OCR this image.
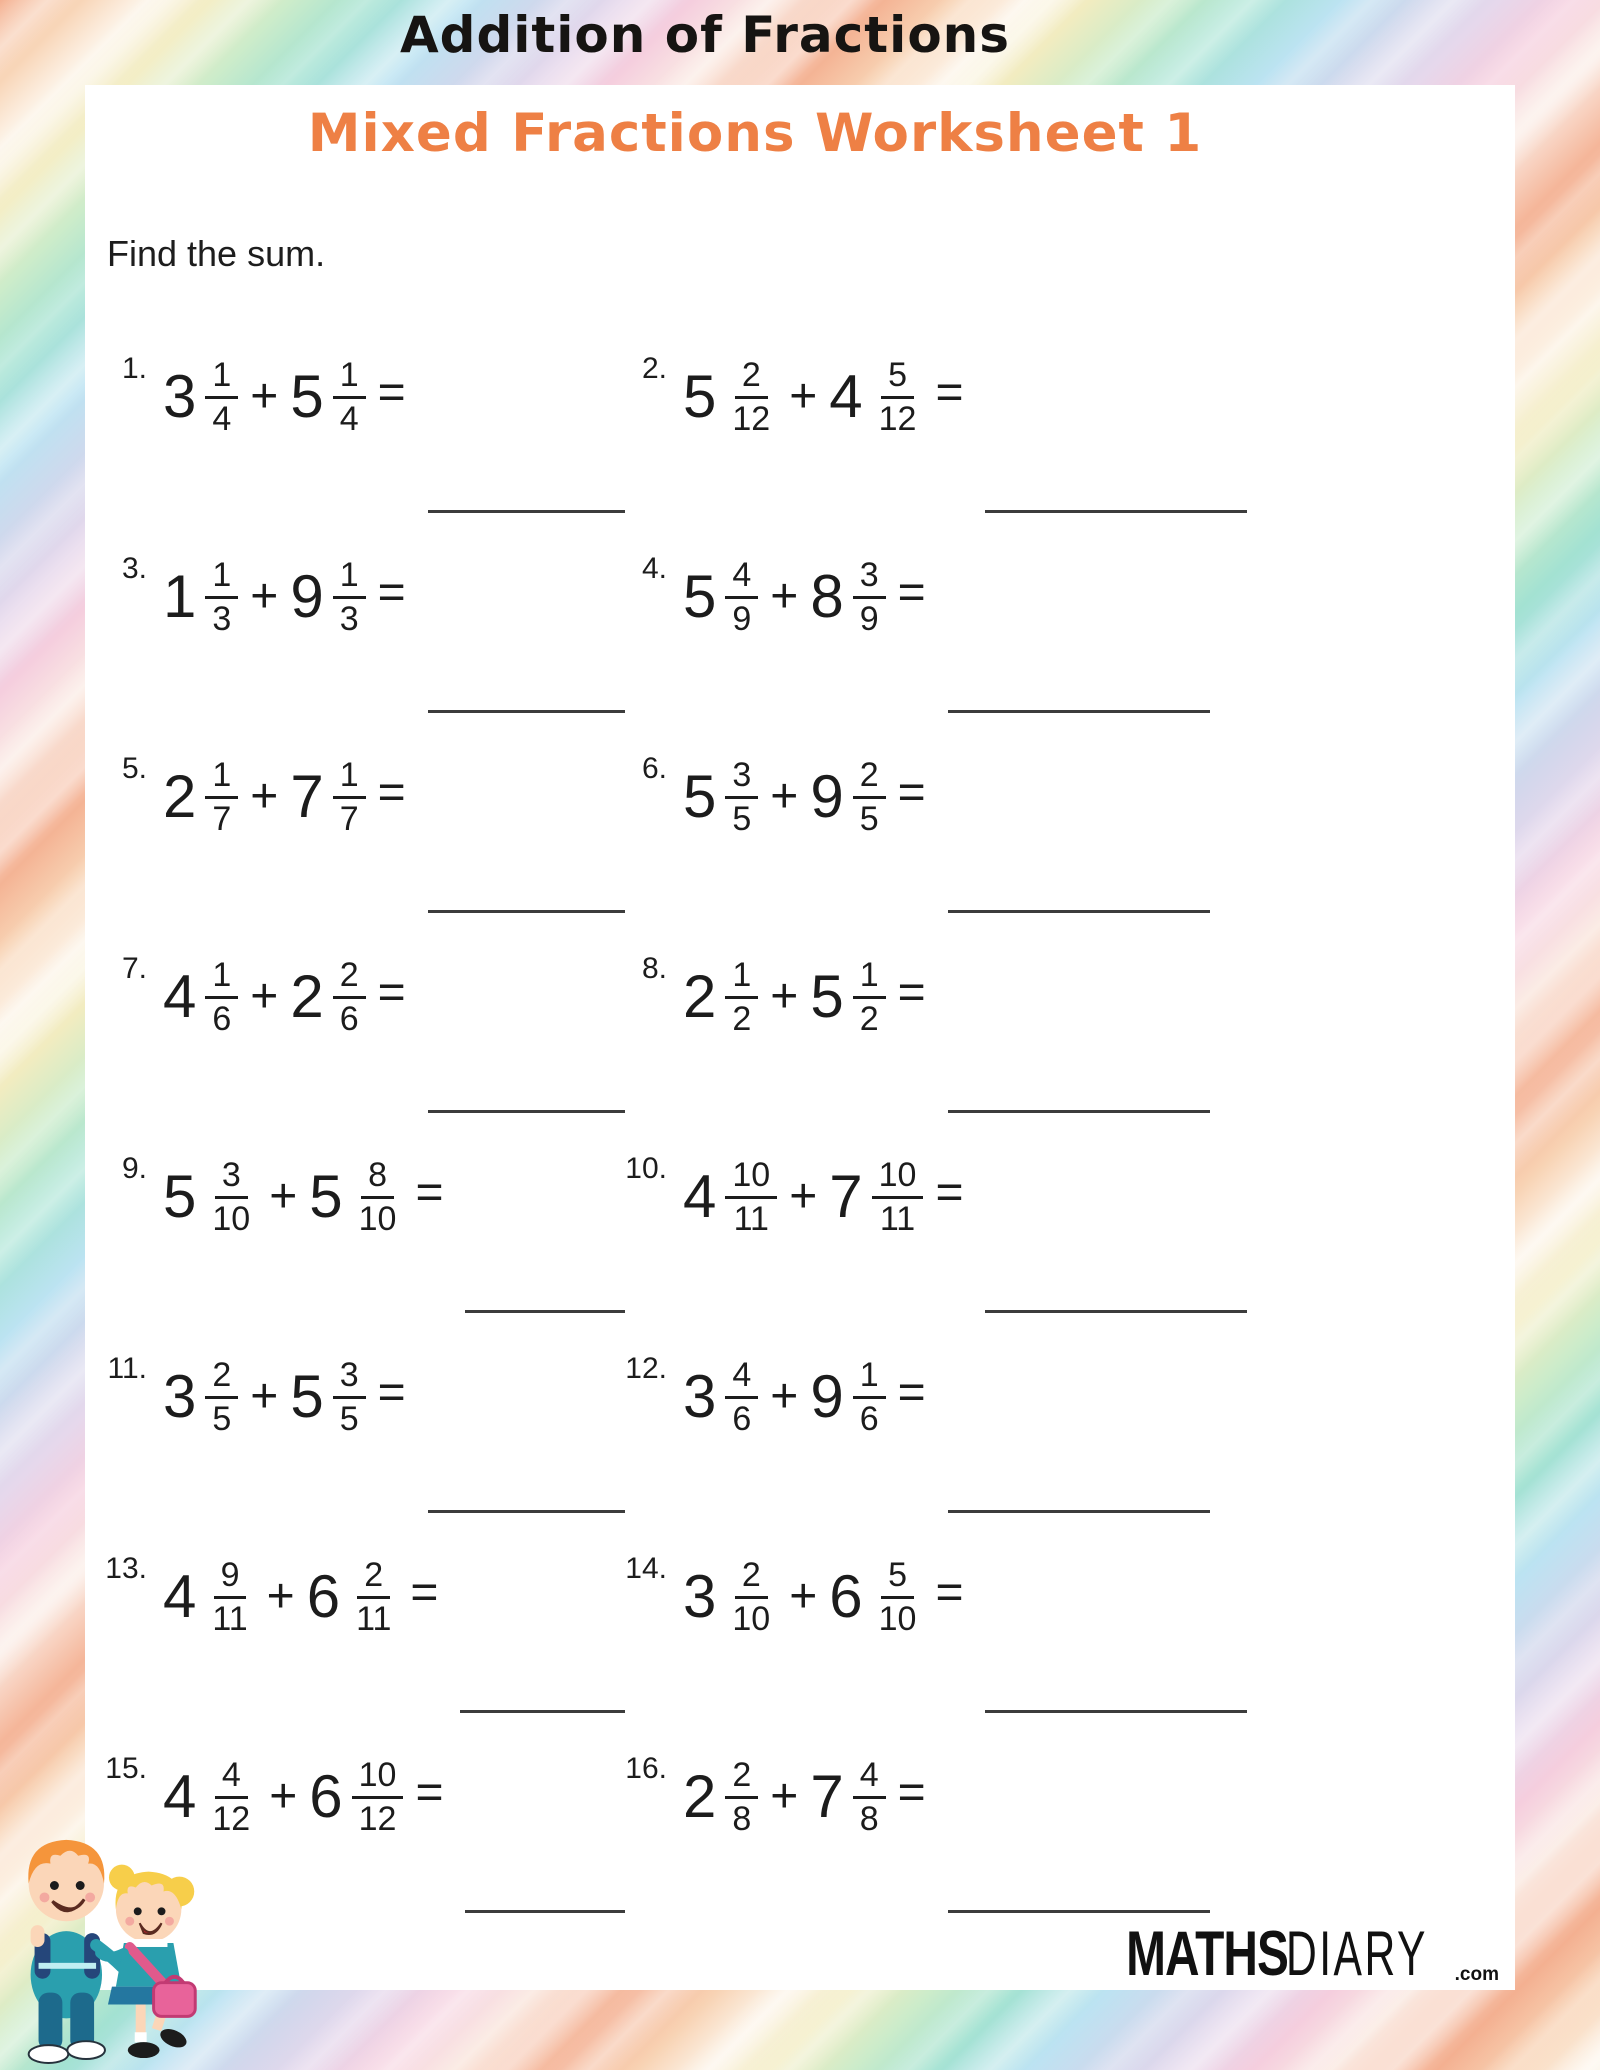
Addition of Fractions
Mixed Fractions Worksheet 1
Find the sum.
1. $3 \frac{1}{4} + 5 \frac{1}{4}$ =	2. $5 \frac{2}{12} + 4 \frac{5}{12}$ =
3. $1 \frac{1}{3} + 9 \frac{1}{3}$ =	4. $5 \frac{4}{9} + 8 \frac{3}{9}$ =
5. $2 \frac{1}{7} + 7 \frac{1}{7}$ =	6. $5 \frac{3}{5} + 9 \frac{2}{5}$ =
7. $4 \frac{1}{6} + 2 \frac{2}{6}$ =	8. $2 \frac{1}{2} + 5 \frac{1}{2}$ =
9. $5 \frac{3}{10} + 5 \frac{8}{10}$ =	10. $4 \frac{10}{11} + 7 \frac{10}{11}$ =
11. $3 \frac{2}{5} + 5 \frac{3}{5}$ =	12. $3 \frac{4}{6} + 9 \frac{1}{6}$ =
13. $4 \frac{9}{11} + 6 \frac{2}{11}$ =	14. $3 \frac{2}{10} + 6 \frac{5}{10}$ =
15. $4 \frac{4}{12} + 6 \frac{10}{12}$ =	16. $2 \frac{2}{8} + 7 \frac{4}{8}$ =
MATHS
DIARY .com
